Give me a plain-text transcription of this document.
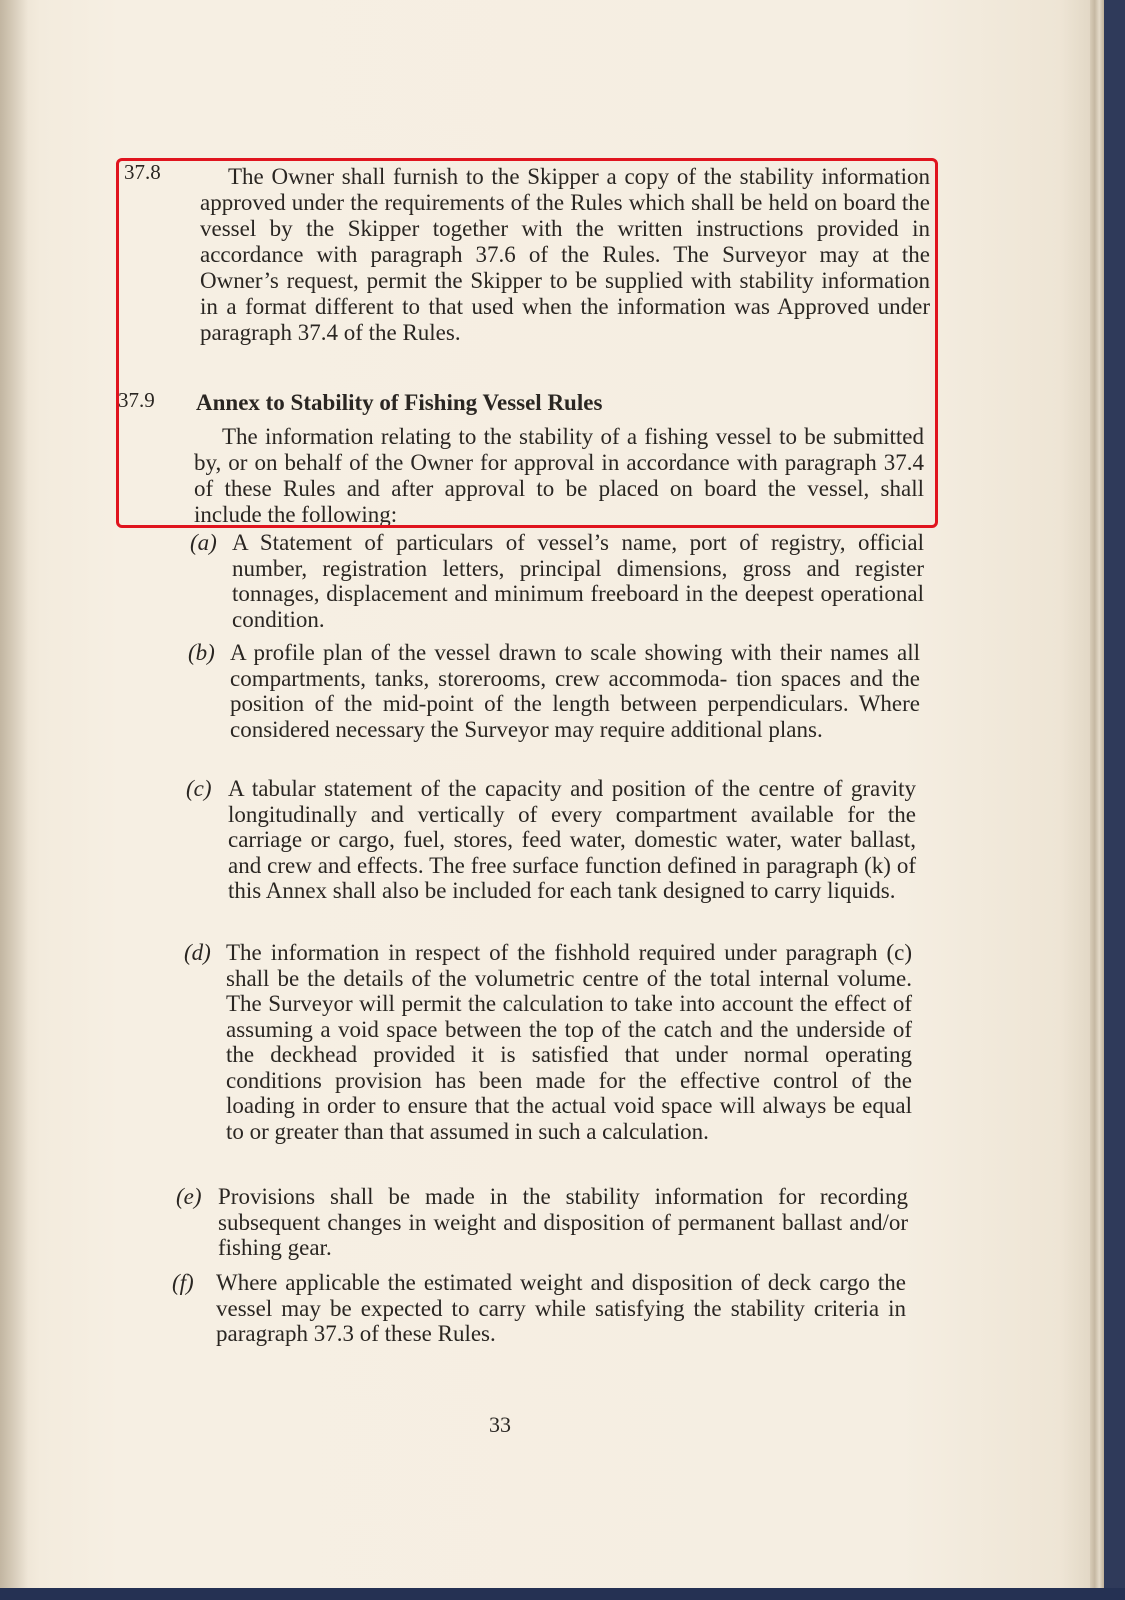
37.8	The Owner shall furnish to the Skipper a copy of the stability information approved under the requirements of the Rules which shall be held on board the vessel by the Skipper together with the written instructions provided in accordance with paragraph 37.6 of the Rules. The Surveyor may at the Owner’s request, permit the Skipper to be supplied with stability information in a format different to that used when the information was Approved under paragraph 37.4 of the Rules.
37.9 Annex to Stability of Fishing Vessel Rules
The information relating to the stability of a fishing vessel to be submitted by, or on behalf of the Owner for approval in accordance with paragraph 37.4 of these Rules and after approval to be placed on board the vessel, shall include the following:
(a) A Statement of particulars of vessel’s name, port of registry, official number, registration letters, principal dimensions, gross and register tonnages, displacement and minimum freeboard in the deepest operational condition.
(b) A profile plan of the vessel drawn to scale showing with their names all compartments, tanks, storerooms, crew accommoda- tion spaces and the position of the mid-point of the length between perpendiculars. Where considered necessary the Surveyor may require additional plans.
(c) A tabular statement of the capacity and position of the centre of gravity longitudinally and vertically of every compartment available for the carriage or cargo, fuel, stores, feed water, domestic water, water ballast, and crew and effects. The free surface function defined in paragraph (k) of this Annex shall also be included for each tank designed to carry liquids.
(d) The information in respect of the fishhold required under paragraph (c) shall be the details of the volumetric centre of the total internal volume. The Surveyor will permit the calculation to take into account the effect of assuming a void space between the top of the catch and the underside of the deckhead provided it is satisfied that under normal operating conditions provision has been made for the effective control of the loading in order to ensure that the actual void space will always be equal to or greater than that assumed in such a calculation.
(e) Provisions shall be made in the stability information for recording subsequent changes in weight and disposition of permanent ballast and/or fishing gear.
(f) Where applicable the estimated weight and disposition of deck cargo the vessel may be expected to carry while satisfying the stability criteria in paragraph 37.3 of these Rules.
33
